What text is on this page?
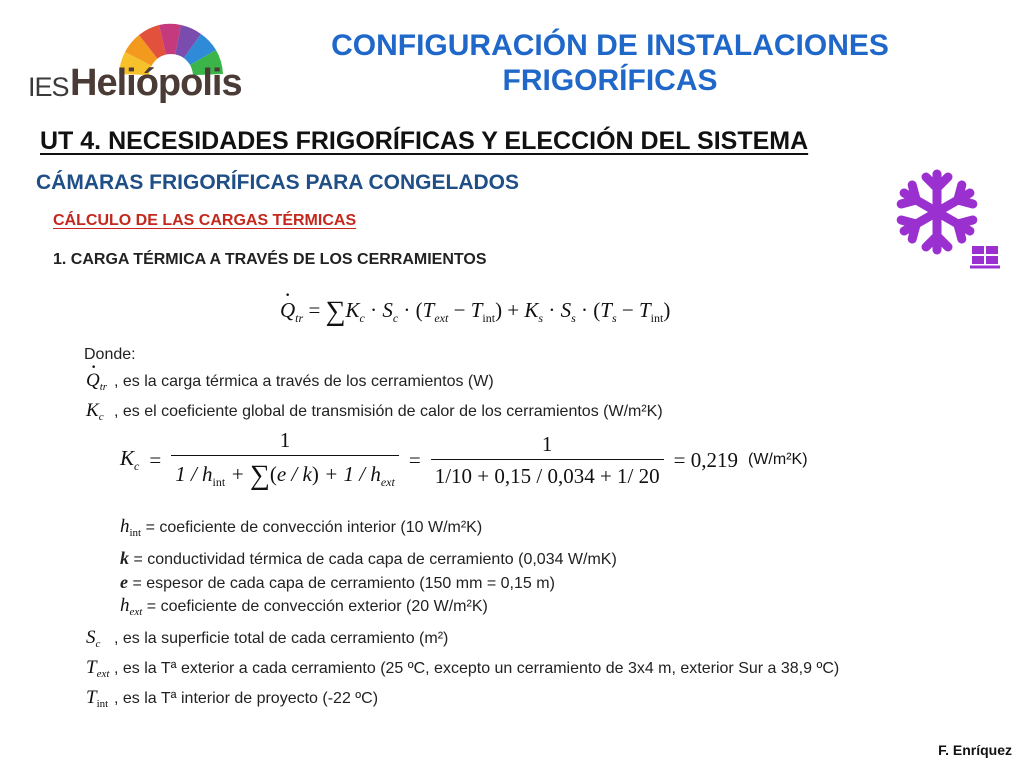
IES Heliópolis
CONFIGURACIÓN DE INSTALACIONES
FRIGORÍFICAS
UT 4. NECESIDADES FRIGORÍFICAS Y ELECCIÓN DEL SISTEMA
CÁMARAS FRIGORÍFICAS PARA CONGELADOS
CÁLCULO DE LAS CARGAS TÉRMICAS
1. CARGA TÉRMICA A TRAVÉS DE LOS CERRAMIENTOS
· $Q_{tr} = \sum K_c \cdot S_c \cdot (T_{ext} - T_{int}) + K_s \cdot S_s \cdot (T_s - T_{int})$
Donde:
· $Q_{tr}$ , es la carga térmica a través de los cerramientos (W)
$K_c$ , es el coeficiente global de transmisión de calor de los cerramientos (W/m²K)
$K_c = \frac{1}{1 / h_{int} + \sum(e / k) + 1 / h_{ext}} = \frac{1}{1/10 + 0,15 / 0,034 + 1/ 20} = 0,219$ (W/m²K)
$h_{int}$ = coeficiente de convección interior (10 W/m²K)
k = conductividad térmica de cada capa de cerramiento (0,034 W/mK)
e = espesor de cada capa de cerramiento (150 mm = 0,15 m)
$h_{ext}$ = coeficiente de convección exterior (20 W/m²K)
$S_c$ , es la superficie total de cada cerramiento (m²)
$T_{ext}$ , es la Tª exterior a cada cerramiento (25 ºC, excepto un cerramiento de 3x4 m, exterior Sur a 38,9 ºC)
$T_{int}$ , es la Tª interior de proyecto (-22 ºC)
F. Enríquez
